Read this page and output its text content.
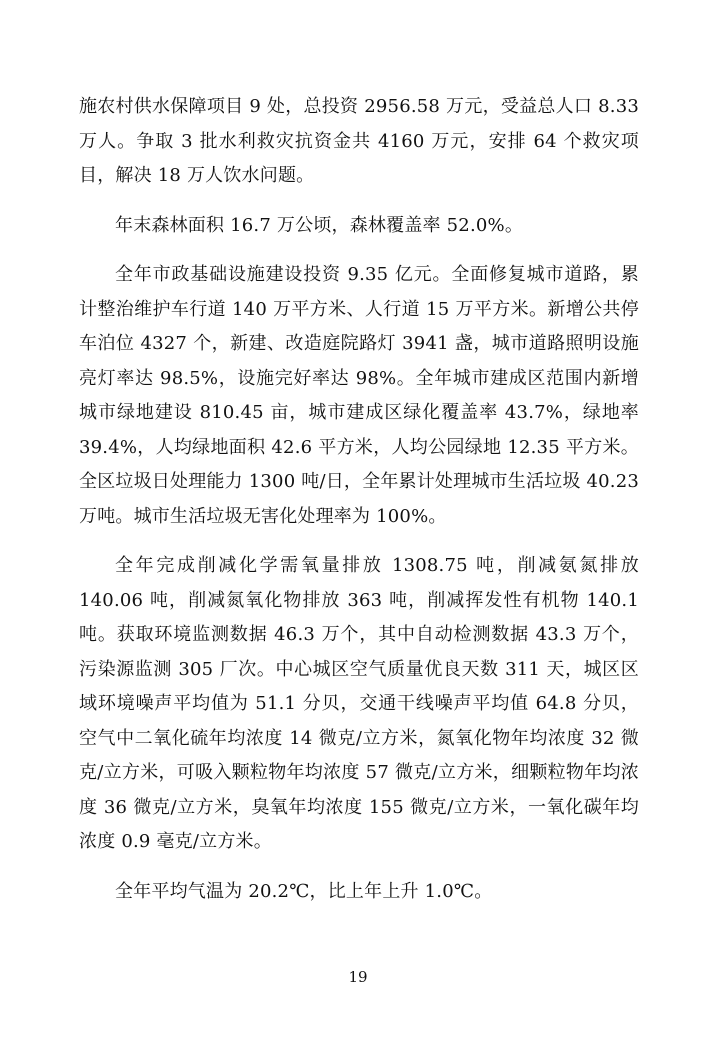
施农村供水保障项目 9 处，总投资 2956.58 万元，受益总人口 8.33 万人。争取 3 批水利救灾抗资金共 4160 万元，安排 64 个救灾项目，解决 18 万人饮水问题。

年末森林面积 16.7 万公顷，森林覆盖率 52.0%。

全年市政基础设施建设投资 9.35 亿元。全面修复城市道路，累计整治维护车行道 140 万平方米、人行道 15 万平方米。新增公共停车泊位 4327 个，新建、改造庭院路灯 3941 盏，城市道路照明设施亮灯率达 98.5%，设施完好率达 98%。全年城市建成区范围内新增城市绿地建设 810.45 亩，城市建成区绿化覆盖率 43.7%，绿地率 39.4%，人均绿地面积 42.6 平方米，人均公园绿地 12.35 平方米。全区垃圾日处理能力 1300 吨/日，全年累计处理城市生活垃圾 40.23 万吨。城市生活垃圾无害化处理率为 100%。

全年完成削减化学需氧量排放 1308.75 吨，削减氨氮排放 140.06 吨，削减氮氧化物排放 363 吨，削减挥发性有机物 140.1 吨。获取环境监测数据 46.3 万个，其中自动检测数据 43.3 万个，污染源监测 305 厂次。中心城区空气质量优良天数 311 天，城区区域环境噪声平均值为 51.1 分贝，交通干线噪声平均值 64.8 分贝，空气中二氧化硫年均浓度 14 微克/立方米，氮氧化物年均浓度 32 微克/立方米，可吸入颗粒物年均浓度 57 微克/立方米，细颗粒物年均浓度 36 微克/立方米，臭氧年均浓度 155 微克/立方米，一氧化碳年均浓度 0.9 毫克/立方米。

全年平均气温为 20.2℃，比上年上升 1.0℃。

19
